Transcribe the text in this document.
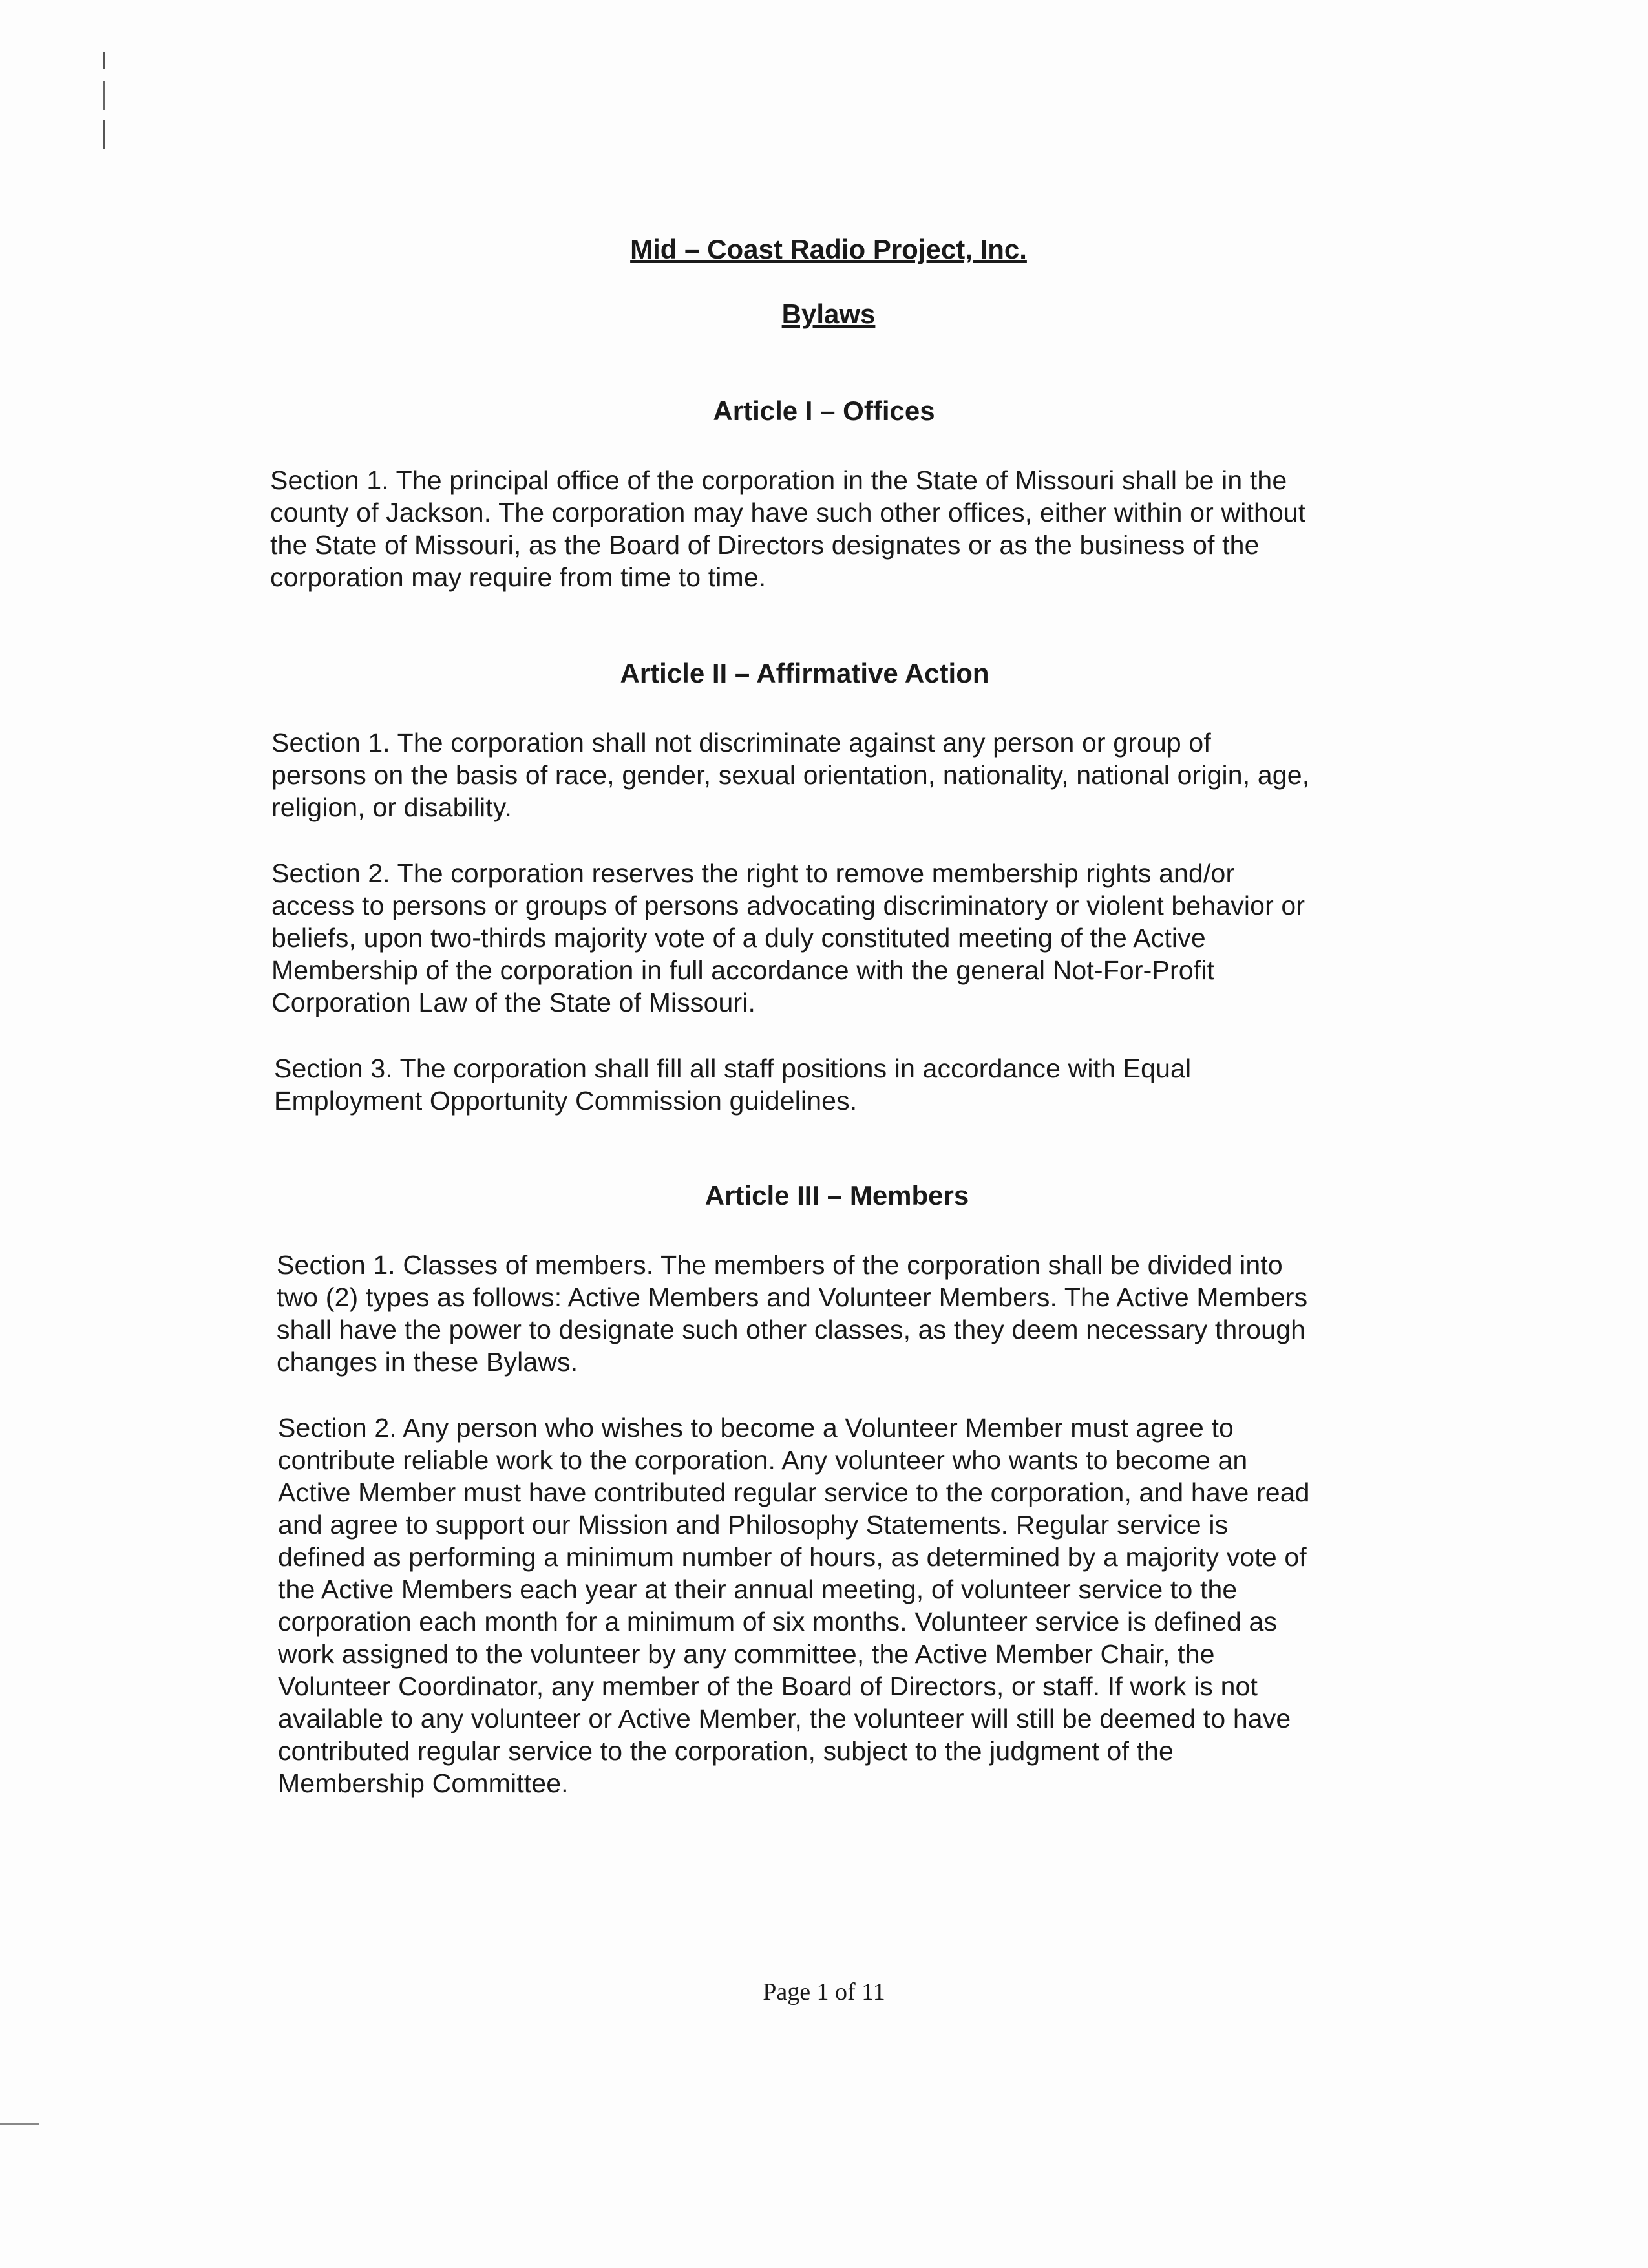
Mid – Coast Radio Project, Inc.
Bylaws
Article I – Offices
Section 1. The principal office of the corporation in the State of Missouri shall be in the
county of Jackson. The corporation may have such other offices, either within or without
the State of Missouri, as the Board of Directors designates or as the business of the
corporation may require from time to time.
Article II – Affirmative Action
Section 1. The corporation shall not discriminate against any person or group of
persons on the basis of race, gender, sexual orientation, nationality, national origin, age,
religion, or disability.
Section 2. The corporation reserves the right to remove membership rights and/or
access to persons or groups of persons advocating discriminatory or violent behavior or
beliefs, upon two-thirds majority vote of a duly constituted meeting of the Active
Membership of the corporation in full accordance with the general Not-For-Profit
Corporation Law of the State of Missouri.
Section 3. The corporation shall fill all staff positions in accordance with Equal
Employment Opportunity Commission guidelines.
Article III – Members
Section 1. Classes of members. The members of the corporation shall be divided into
two (2) types as follows: Active Members and Volunteer Members. The Active Members
shall have the power to designate such other classes, as they deem necessary through
changes in these Bylaws.
Section 2. Any person who wishes to become a Volunteer Member must agree to
contribute reliable work to the corporation. Any volunteer who wants to become an
Active Member must have contributed regular service to the corporation, and have read
and agree to support our Mission and Philosophy Statements. Regular service is
defined as performing a minimum number of hours, as determined by a majority vote of
the Active Members each year at their annual meeting, of volunteer service to the
corporation each month for a minimum of six months. Volunteer service is defined as
work assigned to the volunteer by any committee, the Active Member Chair, the
Volunteer Coordinator, any member of the Board of Directors, or staff. If work is not
available to any volunteer or Active Member, the volunteer will still be deemed to have
contributed regular service to the corporation, subject to the judgment of the
Membership Committee.
Page 1 of 11
